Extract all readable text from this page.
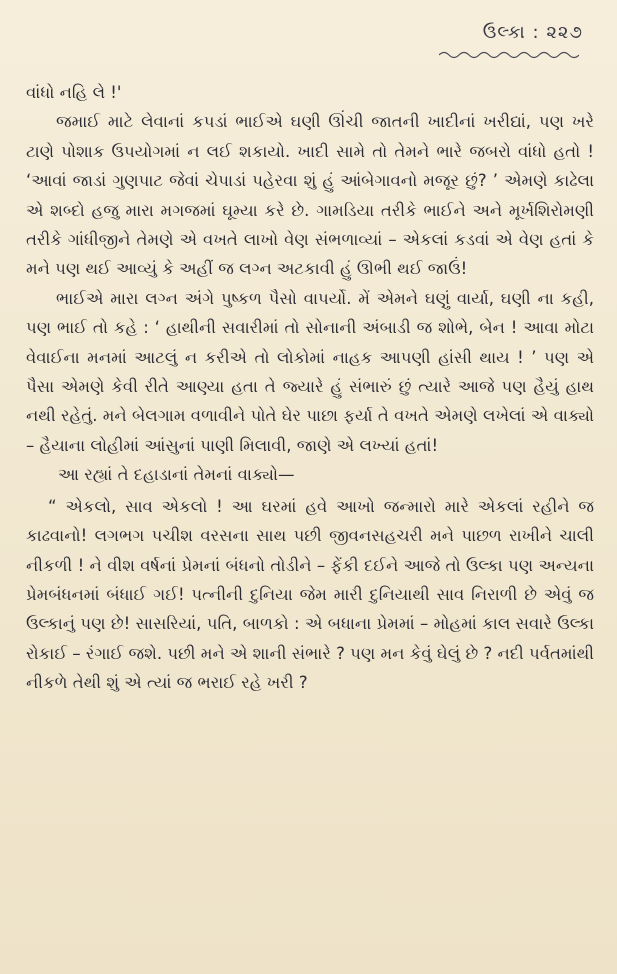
ઉલ્કા : ૨૨૭

વાંધો નહિ લે !'

જમાઈ માટે લેવાનાં કપડાં ભાઈએ ઘણી ઊંચી જાતની ખાદીનાં ખરીદ્યાં, પણ ખરે ટાણે પોશાક ઉપયોગમાં ન લઈ શકાયો. ખાદી સામે તો તેમને ભારે જબરો વાંધો હતો ! ‘આવાં જાડાં ગુણપાટ જેવાં ચેપાડાં પહેરવા શું હું આંબેગાવનો મજૂર છું? ’ એમણે કાઢેલા એ શબ્દો હજુ મારા મગજમાં ઘૂમ્યા કરે છે. ગામડિયા તરીકે ભાઈને અને મૂર્ખશિરોમણી તરીકે ગાંધીજીને તેમણે એ વખતે લાખો વેણ સંભળાવ્યાં – એકલાં કડવાં એ વેણ હતાં કે મને પણ થઈ આવ્યું કે અહીં જ લગ્ન અટકાવી હું ઊભી થઈ જાઉં!

ભાઈએ મારા લગ્ન અંગે પુષ્કળ પૈસો વાપર્યો. મેં એમને ઘણું વાર્યા, ઘણી ના કહી, પણ ભાઈ તો કહે : ‘ હાથીની સવારીમાં તો સોનાની અંબાડી જ શોભે, બેન ! આવા મોટા વેવાઈના મનમાં આટલું ન કરીએ તો લોકોમાં નાહક આપણી હાંસી થાય ! ’ પણ એ પૈસા એમણે કેવી રીતે આણ્યા હતા તે જ્યારે હું સંભારું છું ત્યારે આજે પણ હૈયું હાથ નથી રહેતું. મને બેલગામ વળાવીને પોતે ઘેર પાછા ફર્યા તે વખતે એમણે લખેલાં એ વાક્યો – હૈયાના લોહીમાં આંસુનાં પાણી મિલાવી, જાણે એ લખ્યાં હતાં!

આ રહ્યાં તે દહાડાનાં તેમનાં વાક્યો—

“ એકલો, સાવ એકલો ! આ ઘરમાં હવે આખો જન્મારો મારે એકલાં રહીને જ કાઢવાનો! લગભગ પચીશ વરસના સાથ પછી જીવનસહચરી મને પાછળ રાખીને ચાલી નીકળી ! ને વીશ વર્ષનાં પ્રેમનાં બંધનો તોડીને – ફેંકી દઈને આજે તો ઉલ્કા પણ અન્યના પ્રેમબંધનમાં બંધાઈ ગઈ! પત્નીની દુનિયા જેમ મારી દુનિયાથી સાવ નિરાળી છે એવું જ ઉલ્કાનું પણ છે! સાસરિયાં, પતિ, બાળકો : એ બધાના પ્રેમમાં – મોહમાં કાલ સવારે ઉલ્કા રોકાઈ – રંગાઈ જશે. પછી મને એ શાની સંભારે ? પણ મન કેવું ઘેલું છે ? નદી પર્વતમાંથી નીકળે તેથી શું એ ત્યાં જ ભરાઈ રહે ખરી ?
